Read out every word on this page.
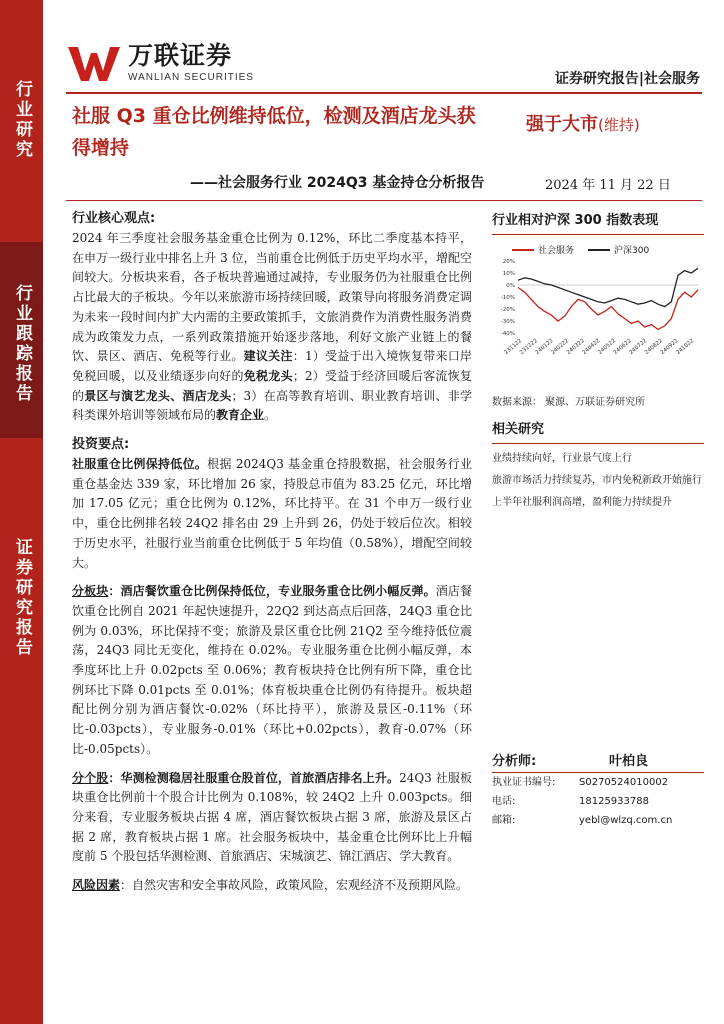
行业研究
行业跟踪报告
证券研究报告
万联证券
WANLIAN SECURITIES	证券研究报告|社会服务
社服 Q3 重仓比例维持低位，检测及酒店龙头获得增持
——社会服务行业 2024Q3 基金持仓分析报告
强于大市(维持)
2024 年 11 月 22 日
行业核心观点:
2024 年三季度社会服务基金重仓比例为 0.12%，环比二季度基本持平，在申万一级行业中排名上升 3 位，当前重仓比例低于历史平均水平，增配空间较大。分板块来看，各子板块普遍通过减持，专业服务仍为社服重仓比例占比最大的子板块。今年以来旅游市场持续回暖，政策导向将服务消费定调为未来一段时间内扩大内需的主要政策抓手，文旅消费作为消费性服务消费成为政策发力点，一系列政策措施开始逐步落地，利好文旅产业链上的餐饮、景区、酒店、免税等行业。建议关注：1）受益于出入境恢复带来口岸免税回暖，以及业绩逐步向好的免税龙头；2）受益于经济回暖后客流恢复的景区与演艺龙头、酒店龙头；3）在高等教育培训、职业教育培训、非学科类课外培训等领域布局的教育企业。
投资要点:
社服重仓比例保持低位。根据 2024Q3 基金重仓持股数据，社会服务行业重仓基金达 339 家，环比增加 26 家，持股总市值为 83.25 亿元，环比增加 17.05 亿元；重仓比例为 0.12%，环比持平。在 31 个申万一级行业中，重仓比例排名较 24Q2 排名由 29 上升到 26，仍处于较后位次。相较于历史水平，社服行业当前重仓比例低于 5 年均值（0.58%），增配空间较大。
分板块：酒店餐饮重仓比例保持低位，专业服务重仓比例小幅反弹。酒店餐饮重仓比例自 2021 年起快速提升，22Q2 到达高点后回落，24Q3 重仓比例为 0.03%，环比保持不变；旅游及景区重仓比例 21Q2 至今维持低位震荡，24Q3 同比无变化，维持在 0.02%。专业服务重仓比例小幅反弹，本季度环比上升 0.02pcts 至 0.06%；教育板块持仓比例有所下降，重仓比例环比下降 0.01pcts 至 0.01%；体育板块重仓比例仍有待提升。板块超配比例分别为酒店餐饮-0.02%（环比持平），旅游及景区-0.11%（环比-0.03pcts），专业服务-0.01%（环比+0.02pcts），教育-0.07%（环比-0.05pcts）。
分个股：华测检测稳居社服重仓股首位，首旅酒店排名上升。24Q3 社服板块重仓比例前十个股合计比例为 0.108%，较 24Q2 上升 0.003pcts。细分来看，专业服务板块占据 4 席，酒店餐饮板块占据 3 席，旅游及景区占据 2 席，教育板块占据 1 席。社会服务板块中，基金重仓比例环比上升幅度前 5 个股包括华测检测、首旅酒店、宋城演艺、锦江酒店、学大教育。
风险因素：自然灾害和安全事故风险，政策风险，宏观经济不及预期风险。
行业相对沪深 300 指数表现
社会服务	沪深300
20%
10%
0%
-10%
-20%
-30%
-40%
231122
231222
240122
240222
240322
240422
240522
240622
240722
240822
240922
241022
数据来源： 聚源、万联证券研究所
相关研究
业绩持续向好，行业景气度上行
旅游市场活力持续复苏，市内免税新政开始施行
上半年社服利润高增，盈利能力持续提升
分析师:	叶柏良
执业证书编号:	S0270524010002
电话:	18125933788
邮箱:	yebl@wlzq.com.cn
